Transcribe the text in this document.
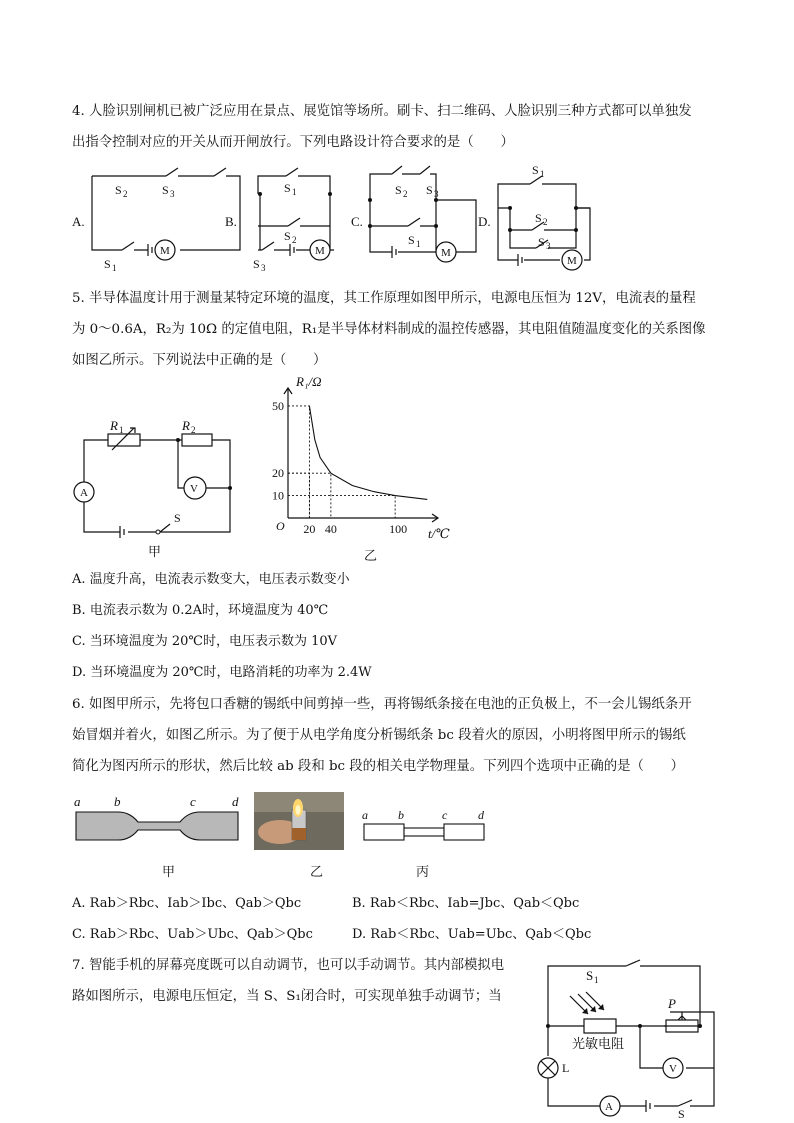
4. 人脸识别闸机已被广泛应用在景点、展览馆等场所。刷卡、扫二维码、人脸识别三种方式都可以单独发
出指令控制对应的开关从而开闸放行。下列电路设计符合要求的是（　　）
A.	B.	C.	D.
S 2	S 3
S 1
M
S 1
S 2
S 3
M
S 2 S 3
S 1
M
S 1
S 2
S 3
M
5. 半导体温度计用于测量某特定环境的温度，其工作原理如图甲所示，电源电压恒为 12V，电流表的量程
为 0～0.6A，R₂为 10Ω 的定值电阻，R₁是半导体材料制成的温控传感器，其电阻值随温度变化的关系图像
如图乙所示。下列说法中正确的是（　　）
R 1	R 2
A	V
S
甲
50
20
10
20 40	100
R₁/Ω
t/℃
O
乙
A. 温度升高，电流表示数变大，电压表示数变小
B. 电流表示数为 0.2A时，环境温度为 40℃
C. 当环境温度为 20℃时，电压表示数为 10V
D. 当环境温度为 20℃时，电路消耗的功率为 2.4W
6. 如图甲所示，先将包口香糖的锡纸中间剪掉一些，再将锡纸条接在电池的正负极上，不一会儿锡纸条开
始冒烟并着火，如图乙所示。为了便于从电学角度分析锡纸条 bc 段着火的原因，小明将图甲所示的锡纸
简化为图丙所示的形状，然后比较 ab 段和 bc 段的相关电学物理量。下列四个选项中正确的是（　　）
a	b	c	d
甲	乙
a	b	c	d
丙
A. Rab＞Rbc、Iab＞Ibc、Qab＞Qbc	B. Rab＜Rbc、Iab=Jbc、Qab＜Qbc
C. Rab＞Rbc、Uab＞Ubc、Qab＞Qbc	D. Rab＜Rbc、Uab=Ubc、Qab＜Qbc
7. 智能手机的屏幕亮度既可以自动调节，也可以手动调节。其内部模拟电
路如图所示，电源电压恒定，当 S、S₁闭合时，可实现单独手动调节；当
S 1
P
光敏电阻
L	V
A	S
